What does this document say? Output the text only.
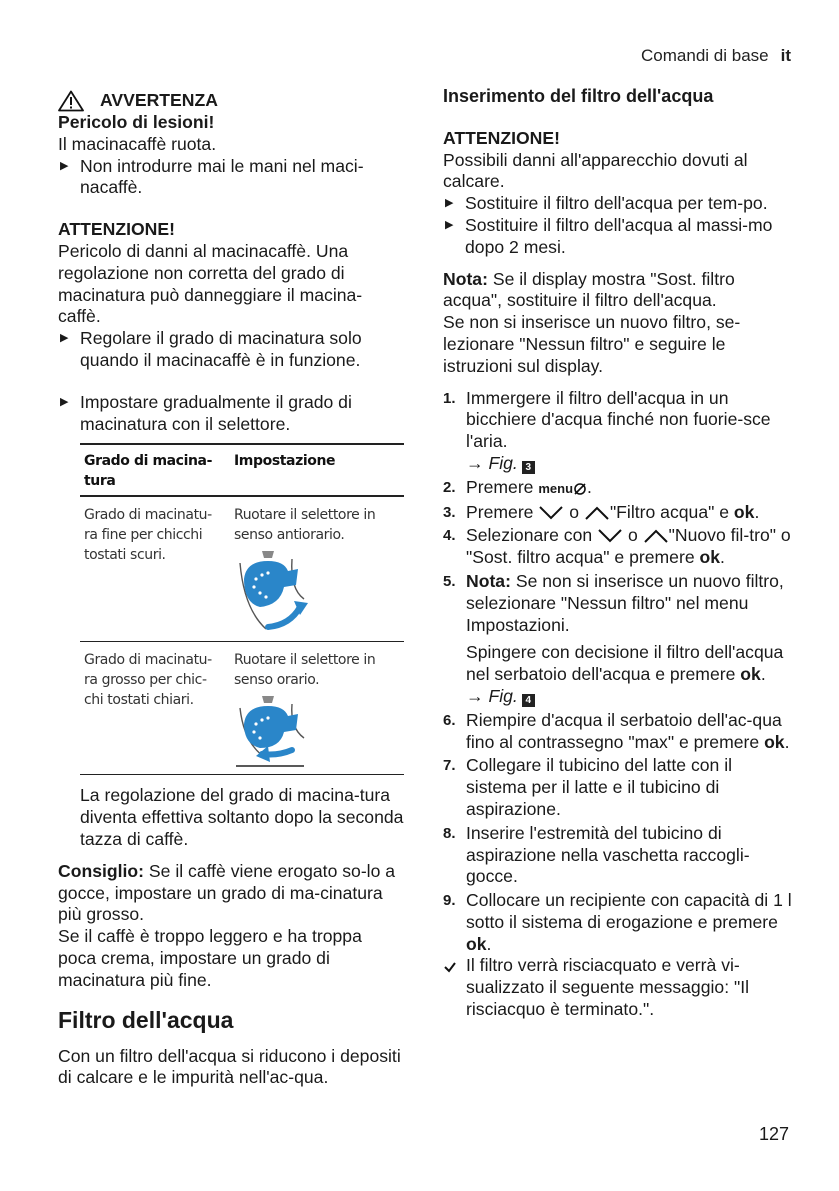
Comandi di base it
AVVERTENZA

Pericolo di lesioni!

Il macinacaffè ruota.

▶ Non introdurre mai le mani nel maci-nacaffè.

ATTENZIONE!

Pericolo di danni al macinacaffè. Una regolazione non corretta del grado di macinatura può danneggiare il macina-caffè.

▶ Regolare il grado di macinatura solo quando il macinacaffè è in funzione.
▶ Impostare gradualmente il grado di macinatura con il selettore.
Grado di macina-tura	Impostazione
Grado di macinatu-ra fine per chicchi tostati scuri.	Ruotare il selettore in senso antiorario.

Grado di macinatu-ra grosso per chic-chi tostati chiari.	Ruotare il selettore in senso orario.

La regolazione del grado di macina-tura diventa effettiva soltanto dopo la seconda tazza di caffè.

Consiglio: Se il caffè viene erogato so-lo a gocce, impostare un grado di ma-cinatura più grosso.

Se il caffè è troppo leggero e ha troppa poca crema, impostare un grado di macinatura più fine.

Filtro dell'acqua

Con un filtro dell'acqua si riducono i depositi di calcare e le impurità nell'ac-qua.

Inserimento del filtro dell'acqua

ATTENZIONE!

Possibili danni all'apparecchio dovuti al calcare.

▶ Sostituire il filtro dell'acqua per tem-po.
▶ Sostituire il filtro dell'acqua al massi-mo dopo 2 mesi.

Nota: Se il display mostra "Sost. filtro acqua", sostituire il filtro dell'acqua.

Se non si inserisce un nuovo filtro, se-lezionare "Nessun filtro" e seguire le istruzioni sul display.

1. Immergere il filtro dell'acqua in un bicchiere d'acqua finché non fuorie-sce l'aria.
→ Fig. 3
2. Premere menu .
3. Premere o "Filtro acqua" e ok.
4. Selezionare con o "Nuovo fil-tro" o "Sost. filtro acqua" e premere ok.
5. Nota: Se non si inserisce un nuovo filtro, selezionare "Nessun filtro" nel menu Impostazioni.
Spingere con decisione il filtro dell'acqua nel serbatoio dell'acqua e premere ok.
→ Fig. 4
6. Riempire d'acqua il serbatoio dell'ac-qua fino al contrassegno "max" e premere ok.
7. Collegare il tubicino del latte con il sistema per il latte e il tubicino di aspirazione.
8. Inserire l'estremità del tubicino di aspirazione nella vaschetta raccogli-gocce.
9. Collocare un recipiente con capacità di 1 l sotto il sistema di erogazione e premere ok.
Il filtro verrà risciacquato e verrà vi-sualizzato il seguente messaggio: "Il risciacquo è terminato.".
127
